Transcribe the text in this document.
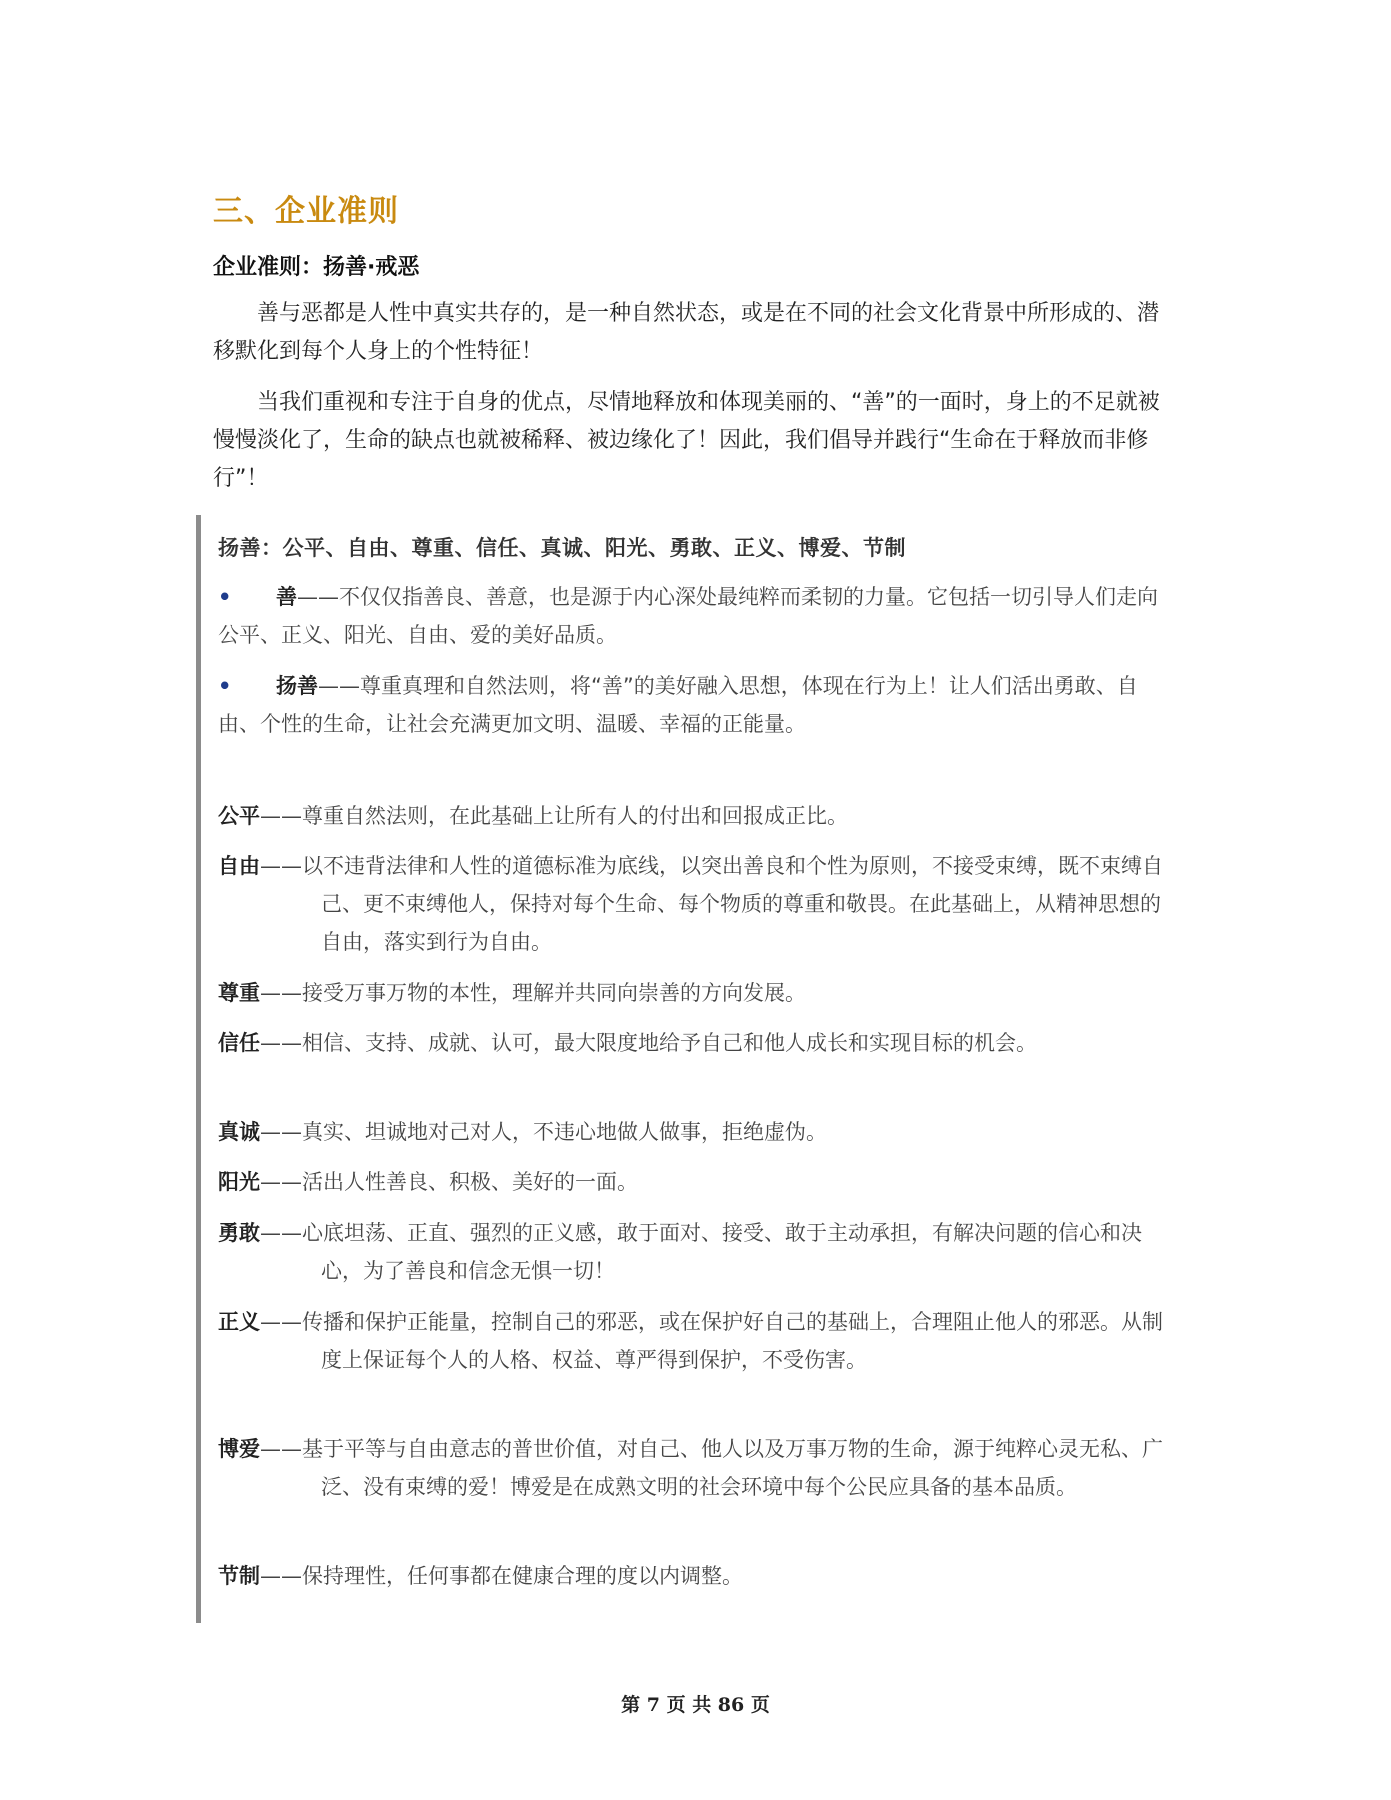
三、企业准则
企业准则：扬善·戒恶

善与恶都是人性中真实共存的，是一种自然状态，或是在不同的社会文化背景中所形成的、潜移默化到每个人身上的个性特征！

当我们重视和专注于自身的优点，尽情地释放和体现美丽的、“善”的一面时，身上的不足就被慢慢淡化了，生命的缺点也就被稀释、被边缘化了！因此，我们倡导并践行“生命在于释放而非修行”！

扬善：公平、自由、尊重、信任、真诚、阳光、勇敢、正义、博爱、节制

• 善——不仅仅指善良、善意，也是源于内心深处最纯粹而柔韧的力量。它包括一切引导人们走向公平、正义、阳光、自由、爱的美好品质。

• 扬善——尊重真理和自然法则，将“善”的美好融入思想，体现在行为上！让人们活出勇敢、自由、个性的生命，让社会充满更加文明、温暖、幸福的正能量。

公平——尊重自然法则，在此基础上让所有人的付出和回报成正比。
自由——以不违背法律和人性的道德标准为底线，以突出善良和个性为原则，不接受束缚，既不束缚自己、更不束缚他人，保持对每个生命、每个物质的尊重和敬畏。在此基础上，从精神思想的自由，落实到行为自由。
尊重——接受万事万物的本性，理解并共同向崇善的方向发展。
信任——相信、支持、成就、认可，最大限度地给予自己和他人成长和实现目标的机会。
真诚——真实、坦诚地对己对人，不违心地做人做事，拒绝虚伪。
阳光——活出人性善良、积极、美好的一面。
勇敢——心底坦荡、正直、强烈的正义感，敢于面对、接受、敢于主动承担，有解决问题的信心和决心，为了善良和信念无惧一切！
正义——传播和保护正能量，控制自己的邪恶，或在保护好自己的基础上，合理阻止他人的邪恶。从制度上保证每个人的人格、权益、尊严得到保护，不受伤害。
博爱——基于平等与自由意志的普世价值，对自己、他人以及万事万物的生命，源于纯粹心灵无私、广泛、没有束缚的爱！博爱是在成熟文明的社会环境中每个公民应具备的基本品质。
节制——保持理性，任何事都在健康合理的度以内调整。
第 7 页 共 86 页
